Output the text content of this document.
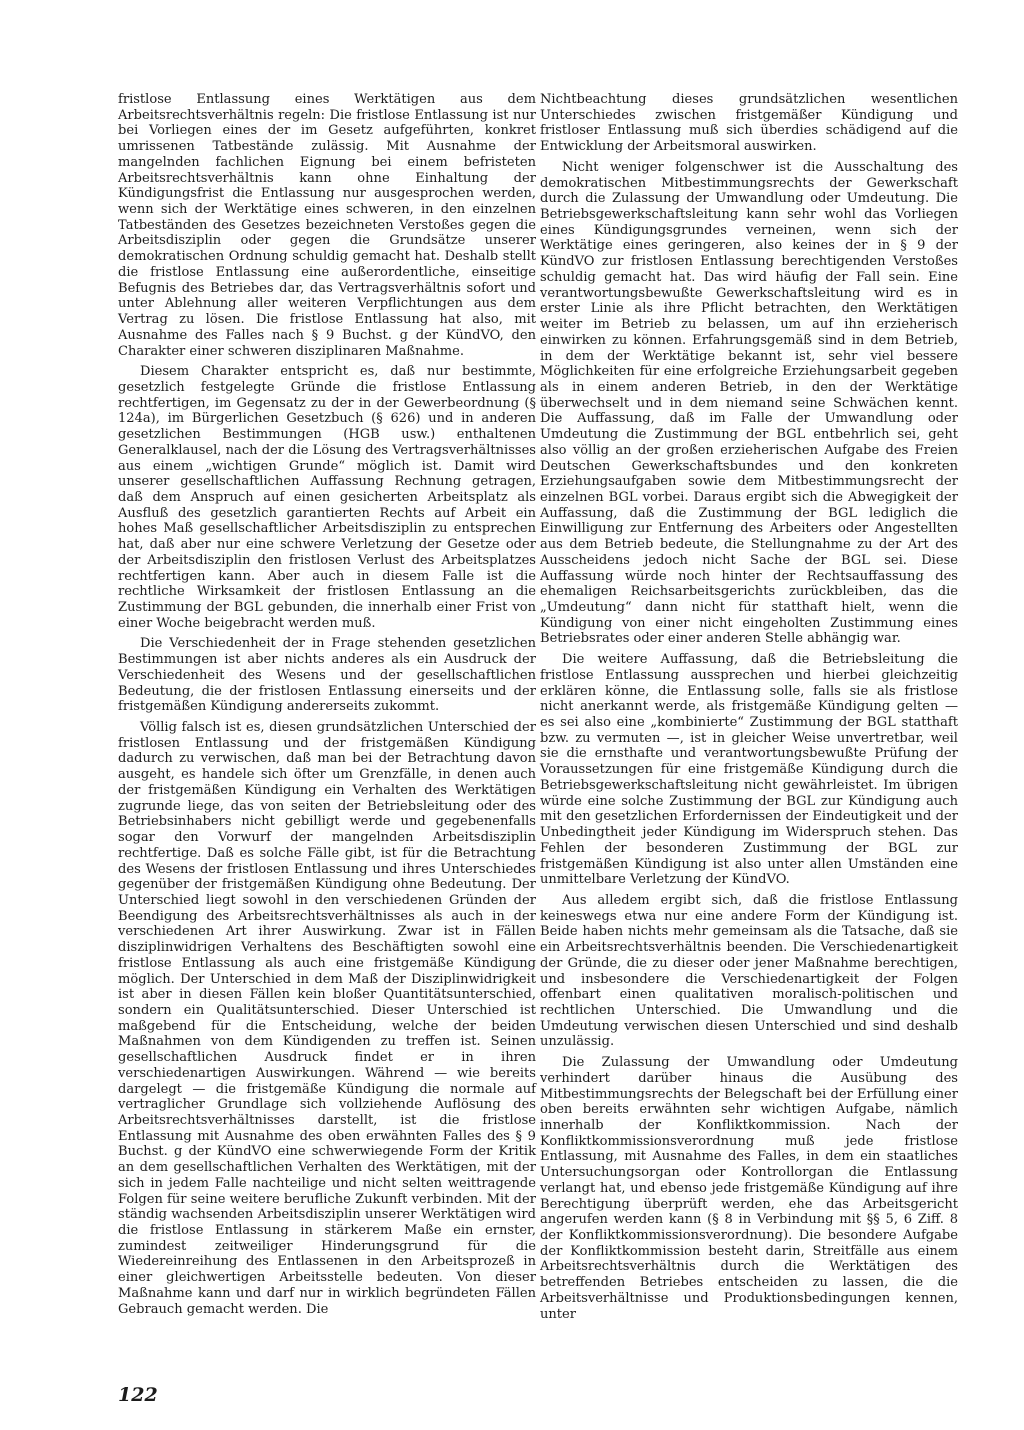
fristlose Entlassung eines Werktätigen aus dem Arbeitsrechtsverhältnis regeln: Die fristlose Entlassung ist nur bei Vorliegen eines der im Gesetz aufgeführten, konkret umrissenen Tatbestände zulässig. Mit Ausnahme der mangelnden fachlichen Eignung bei einem befristeten Arbeitsrechtsverhältnis kann ohne Einhaltung der Kündigungsfrist die Entlassung nur ausgesprochen werden, wenn sich der Werktätige eines schweren, in den einzelnen Tatbeständen des Gesetzes bezeichneten Verstoßes gegen die Arbeitsdisziplin oder gegen die Grundsätze unserer demokratischen Ordnung schuldig gemacht hat. Deshalb stellt die fristlose Entlassung eine außerordentliche, einseitige Befugnis des Betriebes dar, das Vertragsverhältnis sofort und unter Ablehnung aller weiteren Verpflichtungen aus dem Vertrag zu lösen. Die fristlose Entlassung hat also, mit Ausnahme des Falles nach § 9 Buchst. g der KündVO, den Charakter einer schweren disziplinaren Maßnahme.

Diesem Charakter entspricht es, daß nur bestimmte, gesetzlich festgelegte Gründe die fristlose Entlassung rechtfertigen, im Gegensatz zu der in der Gewerbeordnung (§ 124a), im Bürgerlichen Gesetzbuch (§ 626) und in anderen gesetzlichen Bestimmungen (HGB usw.) enthaltenen Generalklausel, nach der die Lösung des Vertragsverhältnisses aus einem „wichtigen Grunde“ möglich ist. Damit wird unserer gesellschaftlichen Auffassung Rechnung getragen, daß dem Anspruch auf einen gesicherten Arbeitsplatz als Ausfluß des gesetzlich garantierten Rechts auf Arbeit ein hohes Maß gesellschaftlicher Arbeitsdisziplin zu entsprechen hat, daß aber nur eine schwere Verletzung der Gesetze oder der Arbeitsdisziplin den fristlosen Verlust des Arbeitsplatzes rechtfertigen kann. Aber auch in diesem Falle ist die rechtliche Wirksamkeit der fristlosen Entlassung an die Zustimmung der BGL gebunden, die innerhalb einer Frist von einer Woche beigebracht werden muß.

Die Verschiedenheit der in Frage stehenden gesetzlichen Bestimmungen ist aber nichts anderes als ein Ausdruck der Verschiedenheit des Wesens und der gesellschaftlichen Bedeutung, die der fristlosen Entlassung einerseits und der fristgemäßen Kündigung andererseits zukommt.

Völlig falsch ist es, diesen grundsätzlichen Unterschied der fristlosen Entlassung und der fristgemäßen Kündigung dadurch zu verwischen, daß man bei der Betrachtung davon ausgeht, es handele sich öfter um Grenzfälle, in denen auch der fristgemäßen Kündigung ein Verhalten des Werktätigen zugrunde liege, das von seiten der Betriebsleitung oder des Betriebsinhabers nicht gebilligt werde und gegebenenfalls sogar den Vorwurf der mangelnden Arbeitsdisziplin rechtfertige. Daß es solche Fälle gibt, ist für die Betrachtung des Wesens der fristlosen Entlassung und ihres Unterschiedes gegenüber der fristgemäßen Kündigung ohne Bedeutung. Der Unterschied liegt sowohl in den verschiedenen Gründen der Beendigung des Arbeitsrechtsverhältnisses als auch in der verschiedenen Art ihrer Auswirkung. Zwar ist in Fällen disziplinwidrigen Verhaltens des Beschäftigten sowohl eine fristlose Entlassung als auch eine fristgemäße Kündigung möglich. Der Unterschied in dem Maß der Disziplinwidrigkeit ist aber in diesen Fällen kein bloßer Quantitätsunterschied, sondern ein Qualitätsunterschied. Dieser Unterschied ist maßgebend für die Entscheidung, welche der beiden Maßnahmen von dem Kündigenden zu treffen ist. Seinen gesellschaftlichen Ausdruck findet er in ihren verschiedenartigen Auswirkungen. Während — wie bereits dargelegt — die fristgemäße Kündigung die normale auf vertraglicher Grundlage sich vollziehende Auflösung des Arbeitsrechtsverhältnisses darstellt, ist die fristlose Entlassung mit Ausnahme des oben erwähnten Falles des § 9 Buchst. g der KündVO eine schwerwiegende Form der Kritik an dem gesellschaftlichen Verhalten des Werktätigen, mit der sich in jedem Falle nachteilige und nicht selten weittragende Folgen für seine weitere berufliche Zukunft verbinden. Mit der ständig wachsenden Arbeitsdisziplin unserer Werktätigen wird die fristlose Entlassung in stärkerem Maße ein ernster, zumindest zeitweiliger Hinderungsgrund für die Wiedereinreihung des Entlassenen in den Arbeitsprozeß in einer gleichwertigen Arbeitsstelle bedeuten. Von dieser Maßnahme kann und darf nur in wirklich begründeten Fällen Gebrauch gemacht werden. Die

Nichtbeachtung dieses grundsätzlichen wesentlichen Unterschiedes zwischen fristgemäßer Kündigung und fristloser Entlassung muß sich überdies schädigend auf die Entwicklung der Arbeitsmoral auswirken.

Nicht weniger folgenschwer ist die Ausschaltung des demokratischen Mitbestimmungsrechts der Gewerkschaft durch die Zulassung der Umwandlung oder Umdeutung. Die Betriebsgewerkschaftsleitung kann sehr wohl das Vorliegen eines Kündigungsgrundes verneinen, wenn sich der Werktätige eines geringeren, also keines der in § 9 der KündVO zur fristlosen Entlassung berechtigenden Verstoßes schuldig gemacht hat. Das wird häufig der Fall sein. Eine verantwortungsbewußte Gewerkschaftsleitung wird es in erster Linie als ihre Pflicht betrachten, den Werktätigen weiter im Betrieb zu belassen, um auf ihn erzieherisch einwirken zu können. Erfahrungsgemäß sind in dem Betrieb, in dem der Werktätige bekannt ist, sehr viel bessere Möglichkeiten für eine erfolgreiche Erziehungsarbeit gegeben als in einem anderen Betrieb, in den der Werktätige überwechselt und in dem niemand seine Schwächen kennt. Die Auffassung, daß im Falle der Umwandlung oder Umdeutung die Zustimmung der BGL entbehrlich sei, geht also völlig an der großen erzieherischen Aufgabe des Freien Deutschen Gewerkschaftsbundes und den konkreten Erziehungsaufgaben sowie dem Mitbestimmungsrecht der einzelnen BGL vorbei. Daraus ergibt sich die Abwegigkeit der Auffassung, daß die Zustimmung der BGL lediglich die Einwilligung zur Entfernung des Arbeiters oder Angestellten aus dem Betrieb bedeute, die Stellungnahme zu der Art des Ausscheidens jedoch nicht Sache der BGL sei. Diese Auffassung würde noch hinter der Rechtsauffassung des ehemaligen Reichsarbeitsgerichts zurückbleiben, das die „Umdeutung“ dann nicht für statthaft hielt, wenn die Kündigung von einer nicht eingeholten Zustimmung eines Betriebsrates oder einer anderen Stelle abhängig war.

Die weitere Auffassung, daß die Betriebsleitung die fristlose Entlassung aussprechen und hierbei gleichzeitig erklären könne, die Entlassung solle, falls sie als fristlose nicht anerkannt werde, als fristgemäße Kündigung gelten — es sei also eine „kombinierte“ Zustimmung der BGL statthaft bzw. zu vermuten —, ist in gleicher Weise unvertretbar, weil sie die ernsthafte und verantwortungsbewußte Prüfung der Voraussetzungen für eine fristgemäße Kündigung durch die Betriebsgewerkschaftsleitung nicht gewährleistet. Im übrigen würde eine solche Zustimmung der BGL zur Kündigung auch mit den gesetzlichen Erfordernissen der Eindeutigkeit und der Unbedingtheit jeder Kündigung im Widerspruch stehen. Das Fehlen der besonderen Zustimmung der BGL zur fristgemäßen Kündigung ist also unter allen Umständen eine unmittelbare Verletzung der KündVO.

Aus alledem ergibt sich, daß die fristlose Entlassung keineswegs etwa nur eine andere Form der Kündigung ist. Beide haben nichts mehr gemeinsam als die Tatsache, daß sie ein Arbeitsrechtsverhältnis beenden. Die Verschiedenartigkeit der Gründe, die zu dieser oder jener Maßnahme berechtigen, und insbesondere die Verschiedenartigkeit der Folgen offenbart einen qualitativen moralisch-politischen und rechtlichen Unterschied. Die Umwandlung und die Umdeutung verwischen diesen Unterschied und sind deshalb unzulässig.

Die Zulassung der Umwandlung oder Umdeutung verhindert darüber hinaus die Ausübung des Mitbestimmungsrechts der Belegschaft bei der Erfüllung einer oben bereits erwähnten sehr wichtigen Aufgabe, nämlich innerhalb der Konfliktkommission. Nach der Konfliktkommissionsverordnung muß jede fristlose Entlassung, mit Ausnahme des Falles, in dem ein staatliches Untersuchungsorgan oder Kontrollorgan die Entlassung verlangt hat, und ebenso jede fristgemäße Kündigung auf ihre Berechtigung überprüft werden, ehe das Arbeitsgericht angerufen werden kann (§ 8 in Verbindung mit §§ 5, 6 Ziff. 8 der Konfliktkommissionsverordnung). Die besondere Aufgabe der Konfliktkommission besteht darin, Streitfälle aus einem Arbeitsrechtsverhältnis durch die Werktätigen des betreffenden Betriebes entscheiden zu lassen, die die Arbeitsverhältnisse und Produktionsbedingungen kennen, unter

122
